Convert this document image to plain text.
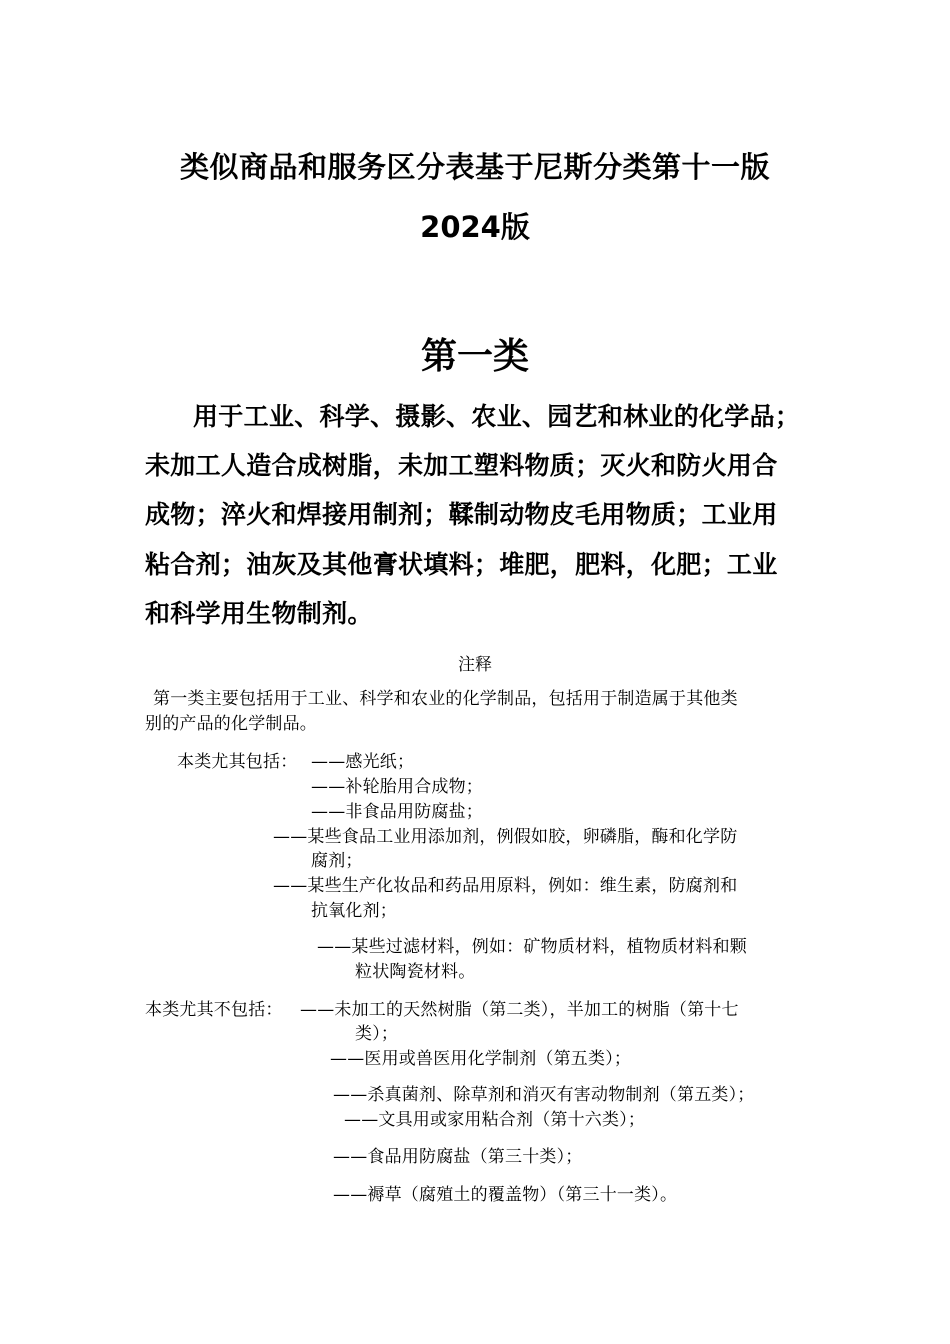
类似商品和服务区分表基于尼斯分类第十一版
2024版
第一类
用于工业、科学、摄影、农业、园艺和林业的化学品；
未加工人造合成树脂，未加工塑料物质；灭火和防火用合
成物；淬火和焊接用制剂；鞣制动物皮毛用物质；工业用
粘合剂；油灰及其他膏状填料；堆肥，肥料，化肥；工业
和科学用生物制剂。
注释
第一类主要包括用于工业、科学和农业的化学制品，包括用于制造属于其他类
别的产品的化学制品。
本类尤其包括： ——感光纸；
——补轮胎用合成物；
——非食品用防腐盐；
——某些食品工业用添加剂，例假如胶，卵磷脂，酶和化学防
腐剂；
——某些生产化妆品和药品用原料，例如：维生素，防腐剂和
抗氧化剂；
——某些过滤材料，例如：矿物质材料，植物质材料和颗
粒状陶瓷材料。
本类尤其不包括： ——未加工的天然树脂（第二类），半加工的树脂（第十七
类）；
——医用或兽医用化学制剂（第五类）；
——杀真菌剂、除草剂和消灭有害动物制剂（第五类）；
——文具用或家用粘合剂（第十六类）；
——食品用防腐盐（第三十类）；
——褥草（腐殖土的覆盖物）（第三十一类）。
